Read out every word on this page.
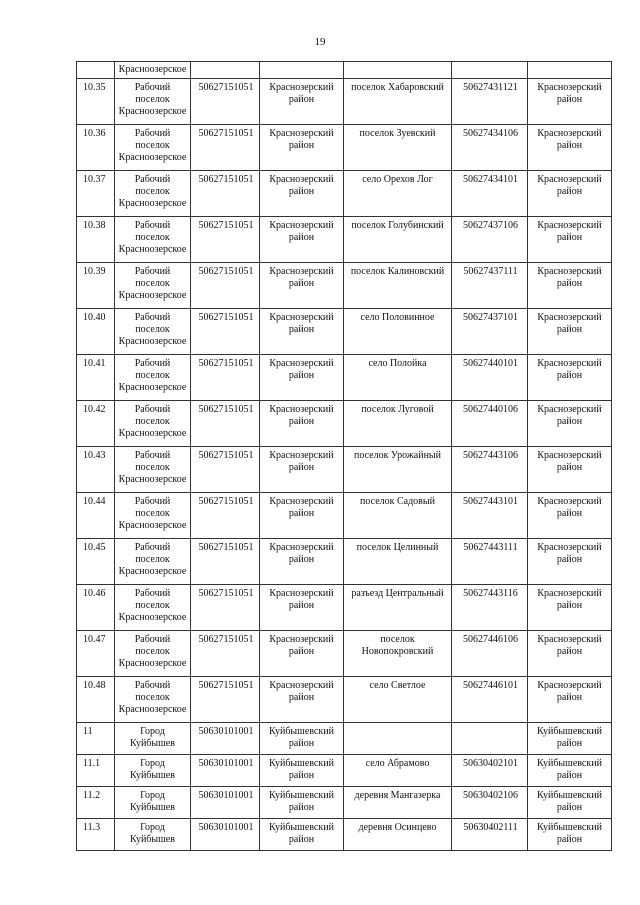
19
	Красноозерское					
10.35	Рабочий поселок Красноозерское	50627151051	Краснозерский район	поселок Хабаровский	50627431121	Краснозерский район
10.36	Рабочий поселок Красноозерское	50627151051	Краснозерский район	поселок Зуевский	50627434106	Краснозерский район
10.37	Рабочий поселок Красноозерское	50627151051	Краснозерский район	село Орехов Лог	50627434101	Краснозерский район
10.38	Рабочий поселок Красноозерское	50627151051	Краснозерский район	поселок Голубинский	50627437106	Краснозерский район
10.39	Рабочий поселок Красноозерское	50627151051	Краснозерский район	поселок Калиновский	50627437111	Краснозерский район
10.40	Рабочий поселок Красноозерское	50627151051	Краснозерский район	село Половинное	50627437101	Краснозерский район
10.41	Рабочий поселок Красноозерское	50627151051	Краснозерский район	село Полойка	50627440101	Краснозерский район
10.42	Рабочий поселок Красноозерское	50627151051	Краснозерский район	поселок Луговой	50627440106	Краснозерский район
10.43	Рабочий поселок Красноозерское	50627151051	Краснозерский район	поселок Урожайный	50627443106	Краснозерский район
10.44	Рабочий поселок Красноозерское	50627151051	Краснозерский район	поселок Садовый	50627443101	Краснозерский район
10.45	Рабочий поселок Красноозерское	50627151051	Краснозерский район	поселок Целинный	50627443111	Краснозерский район
10.46	Рабочий поселок Красноозерское	50627151051	Краснозерский район	разъезд Центральный	50627443116	Краснозерский район
10.47	Рабочий поселок Красноозерское	50627151051	Краснозерский район	поселок Новопокровский	50627446106	Краснозерский район
10.48	Рабочий поселок Красноозерское	50627151051	Краснозерский район	село Светлое	50627446101	Краснозерский район
11	Город Куйбышев	50630101001	Куйбышевский район			Куйбышевский район
11.1	Город Куйбышев	50630101001	Куйбышевский район	село Абрамово	50630402101	Куйбышевский район
11.2	Город Куйбышев	50630101001	Куйбышевский район	деревня Мангазерка	50630402106	Куйбышевский район
11.3	Город Куйбышев	50630101001	Куйбышевский район	деревня Осинцево	50630402111	Куйбышевский район
